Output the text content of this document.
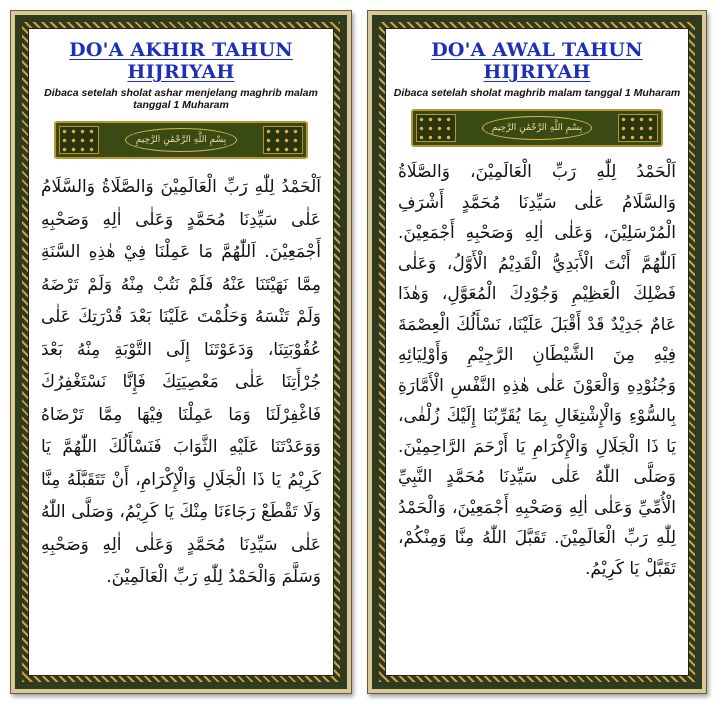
DO'A AKHIR TAHUN HIJRIYAH
Dibaca setelah sholat ashar menjelang maghrib malam tanggal 1 Muharam
بِسْمِ اللَّهِ الرَّحْمَٰنِ الرَّحِيمِ
اَلْحَمْدُ لِلّٰهِ رَبِّ الْعَالَمِيْنَ وَالصَّلَاةُ وَالسَّلَامُ عَلٰى سَيِّدِنَا مُحَمَّدٍ وَعَلٰى اٰلِهِ وَصَحْبِهِ أَجْمَعِيْنَ. اَللّٰهُمَّ مَا عَمِلْنَا فِيْ هٰذِهِ السَّنَةِ مِمَّا نَهَيْتَنَا عَنْهُ فَلَمْ نَتُبْ مِنْهُ وَلَمْ تَرْضَهُ وَلَمْ تَنْسَهُ وَحَلُمْتَ عَلَيْنَا بَعْدَ قُدْرَتِكَ عَلٰى عُقُوْبَتِنَا، وَدَعَوْتَنَا إِلَى التَّوْبَةِ مِنْهُ بَعْدَ جُرْأَتِنَا عَلٰى مَعْصِيَتِكَ فَإِنَّا نَسْتَغْفِرُكَ فَاغْفِرْلَنَا وَمَا عَمِلْنَا فِيْهَا مِمَّا تَرْضَاهُ وَوَعَدْتَنَا عَلَيْهِ الثَّوَابَ فَنَسْأَلُكَ اللّٰهُمَّ يَا كَرِيْمُ يَا ذَا الْجَلَالِ وَالْإِكْرَامِ، أَنْ تَتَقَبَّلَهُ مِنَّا وَلَا تَقْطَعْ رَجَاءَنَا مِنْكَ يَا كَرِيْمُ، وَصَلَّى اللّٰهُ عَلٰى سَيِّدِنَا مُحَمَّدٍ وَعَلٰى اٰلِهِ وَصَحْبِهِ وَسَلَّمَ وَالْحَمْدُ لِلّٰهِ رَبِّ الْعَالَمِيْنَ.
DO'A AWAL TAHUN HIJRIYAH
Dibaca setelah sholat maghrib malam tanggal 1 Muharam
بِسْمِ اللَّهِ الرَّحْمَٰنِ الرَّحِيمِ
اَلْحَمْدُ لِلّٰهِ رَبِّ الْعَالَمِيْنَ، وَالصَّلَاةُ وَالسَّلَامُ عَلٰى سَيِّدِنَا مُحَمَّدٍ أَشْرَفِ الْمُرْسَلِيْنَ، وَعَلٰى اٰلِهِ وَصَحْبِهِ أَجْمَعِيْنَ. اَللّٰهُمَّ أَنْتَ الْأَبَدِيُّ الْقَدِيْمُ الْأَوَّلُ، وَعَلٰى فَضْلِكَ الْعَظِيْمِ وَجُوْدِكَ الْمُعَوَّلِ، وَهٰذَا عَامٌ جَدِيْدٌ قَدْ أَقْبَلَ عَلَيْنَا، نَسْأَلُكَ الْعِصْمَةَ فِيْهِ مِنَ الشَّيْطَانِ الرَّجِيْمِ وَأَوْلِيَائِهِ وَجُنُوْدِهِ وَالْعَوْنَ عَلٰى هٰذِهِ النَّفْسِ الْأَمَّارَةِ بِالسُّوْءِ وَالْإِشْتِغَالِ بِمَا يُقَرِّبُنَا إِلَيْكَ زُلْفٰى، يَا ذَا الْجَلَالِ وَالْإِكْرَامِ يَا أَرْحَمَ الرَّاحِمِيْنَ. وَصَلَّى اللّٰهُ عَلٰى سَيِّدِنَا مُحَمَّدٍ النَّبِيِّ الْأُمِّيِّ وَعَلٰى اٰلِهِ وَصَحْبِهِ أَجْمَعِيْنَ، وَالْحَمْدُ لِلّٰهِ رَبِّ الْعَالَمِيْنَ. تَقَبَّلَ اللّٰهُ مِنَّا وَمِنْكُمْ، تَقَبَّلْ يَا كَرِيْمُ.
